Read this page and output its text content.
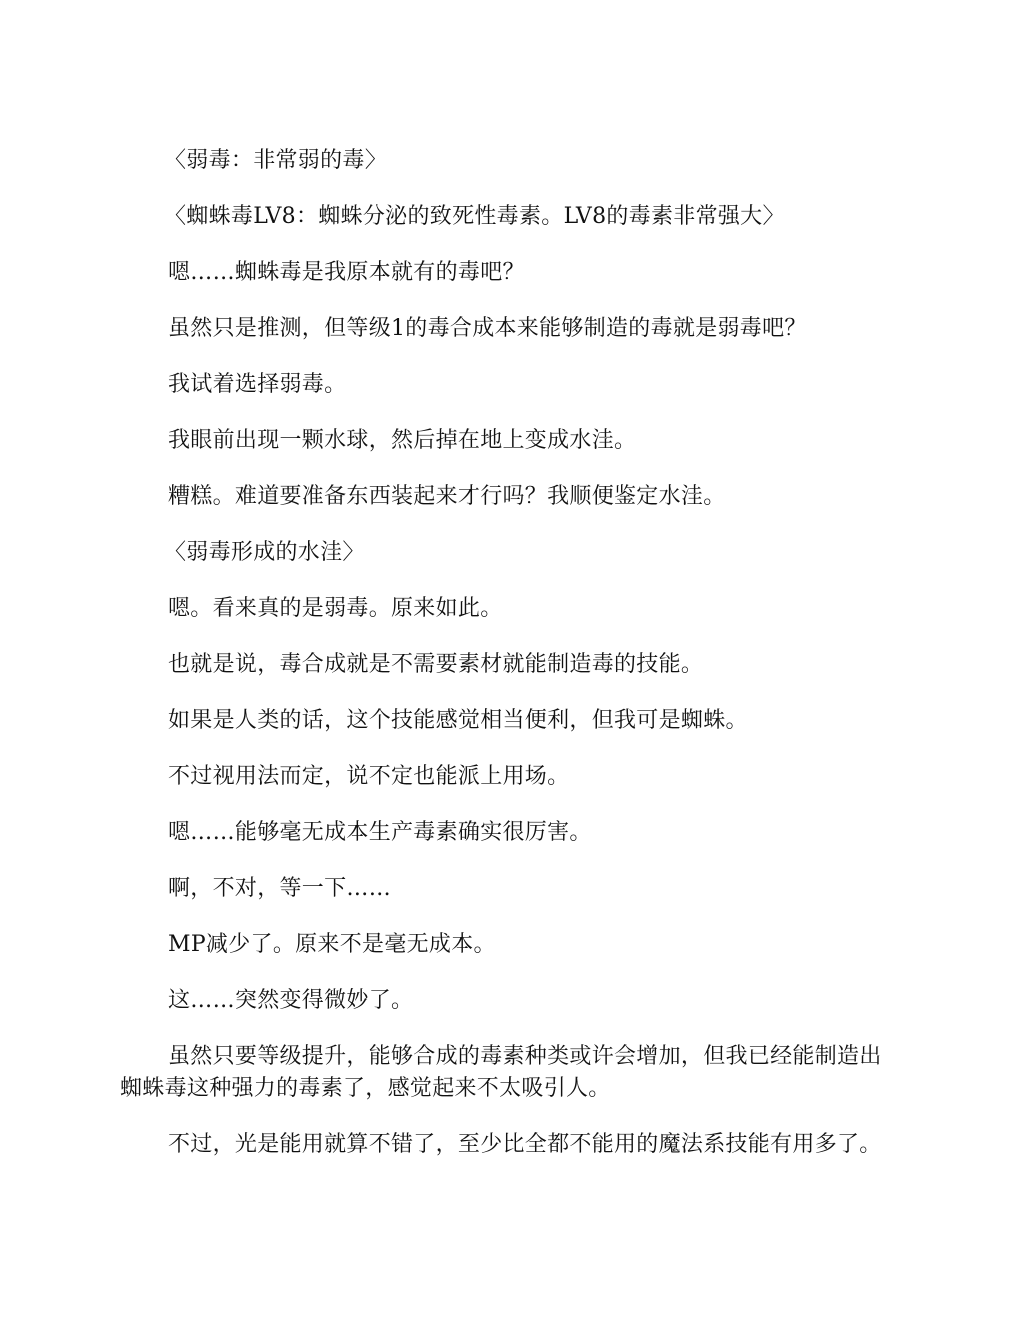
〈弱毒：非常弱的毒〉

〈蜘蛛毒LV8：蜘蛛分泌的致死性毒素。LV8的毒素非常强大〉

嗯……蜘蛛毒是我原本就有的毒吧？

虽然只是推测，但等级1的毒合成本来能够制造的毒就是弱毒吧？

我试着选择弱毒。

我眼前出现一颗水球，然后掉在地上变成水洼。

糟糕。难道要准备东西装起来才行吗？我顺便鉴定水洼。

〈弱毒形成的水洼〉

嗯。看来真的是弱毒。原来如此。

也就是说，毒合成就是不需要素材就能制造毒的技能。

如果是人类的话，这个技能感觉相当便利，但我可是蜘蛛。

不过视用法而定，说不定也能派上用场。

嗯……能够毫无成本生产毒素确实很厉害。

啊，不对，等一下……

MP减少了。原来不是毫无成本。

这……突然变得微妙了。

虽然只要等级提升，能够合成的毒素种类或许会增加，但我已经能制造出蜘蛛毒这种强力的毒素了，感觉起来不太吸引人。

不过，光是能用就算不错了，至少比全都不能用的魔法系技能有用多了。
